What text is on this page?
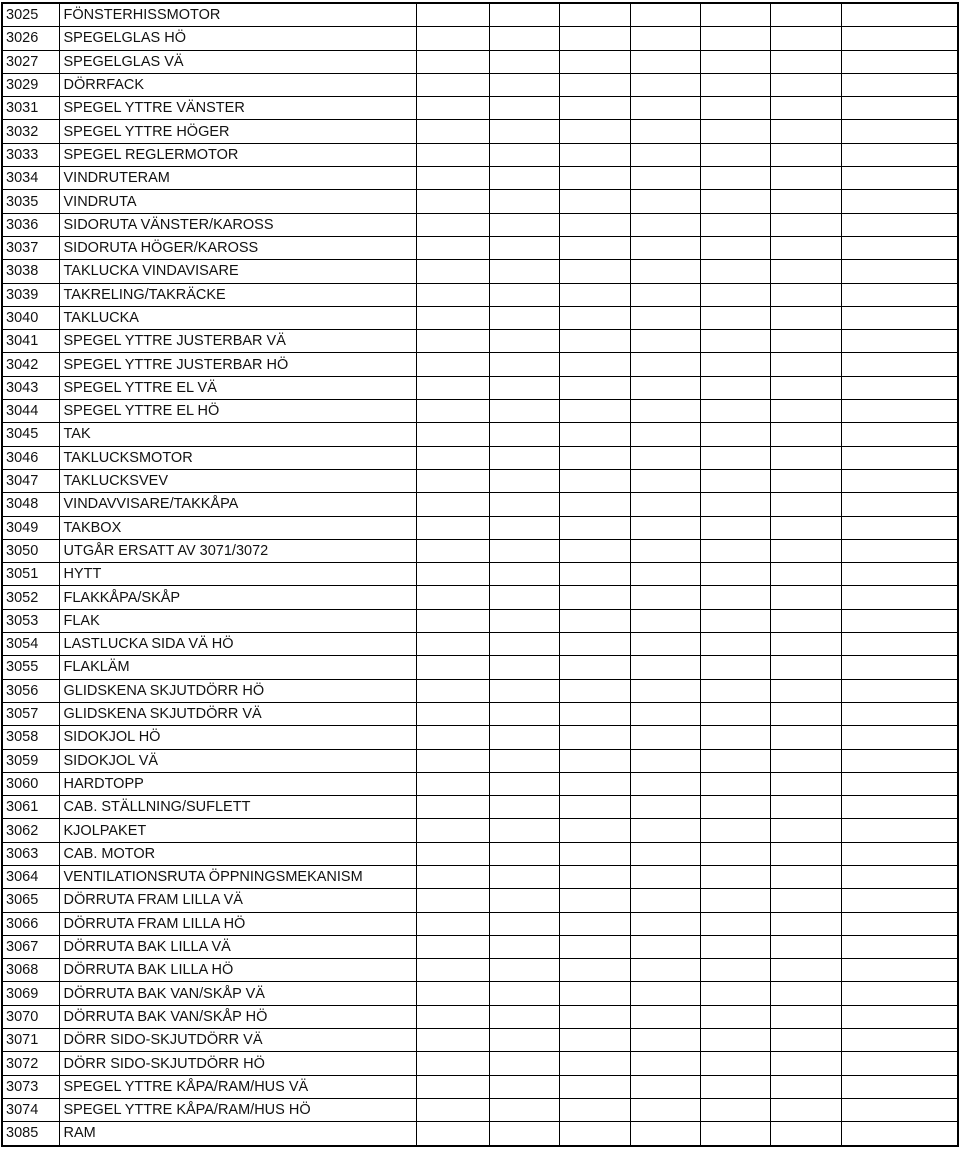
3025	FÖNSTERHISSMOTOR							
3026	SPEGELGLAS HÖ							
3027	SPEGELGLAS VÄ							
3029	DÖRRFACK							
3031	SPEGEL YTTRE VÄNSTER							
3032	SPEGEL YTTRE HÖGER							
3033	SPEGEL REGLERMOTOR							
3034	VINDRUTERAM							
3035	VINDRUTA							
3036	SIDORUTA VÄNSTER/KAROSS							
3037	SIDORUTA HÖGER/KAROSS							
3038	TAKLUCKA VINDAVISARE							
3039	TAKRELING/TAKRÄCKE							
3040	TAKLUCKA							
3041	SPEGEL YTTRE JUSTERBAR VÄ							
3042	SPEGEL YTTRE JUSTERBAR HÖ							
3043	SPEGEL YTTRE EL VÄ							
3044	SPEGEL YTTRE EL HÖ							
3045	TAK							
3046	TAKLUCKSMOTOR							
3047	TAKLUCKSVEV							
3048	VINDAVVISARE/TAKKÅPA							
3049	TAKBOX							
3050	UTGÅR ERSATT AV 3071/3072							
3051	HYTT							
3052	FLAKKÅPA/SKÅP							
3053	FLAK							
3054	LASTLUCKA SIDA VÄ HÖ							
3055	FLAKLÄM							
3056	GLIDSKENA SKJUTDÖRR HÖ							
3057	GLIDSKENA SKJUTDÖRR VÄ							
3058	SIDOKJOL HÖ							
3059	SIDOKJOL VÄ							
3060	HARDTOPP							
3061	CAB. STÄLLNING/SUFLETT							
3062	KJOLPAKET							
3063	CAB. MOTOR							
3064	VENTILATIONSRUTA ÖPPNINGSMEKANISM							
3065	DÖRRUTA FRAM LILLA VÄ							
3066	DÖRRUTA FRAM LILLA HÖ							
3067	DÖRRUTA BAK LILLA VÄ							
3068	DÖRRUTA BAK LILLA HÖ							
3069	DÖRRUTA BAK VAN/SKÅP VÄ							
3070	DÖRRUTA BAK VAN/SKÅP HÖ							
3071	DÖRR SIDO-SKJUTDÖRR VÄ							
3072	DÖRR SIDO-SKJUTDÖRR HÖ							
3073	SPEGEL YTTRE KÅPA/RAM/HUS VÄ							
3074	SPEGEL YTTRE KÅPA/RAM/HUS HÖ							
3085	RAM							
